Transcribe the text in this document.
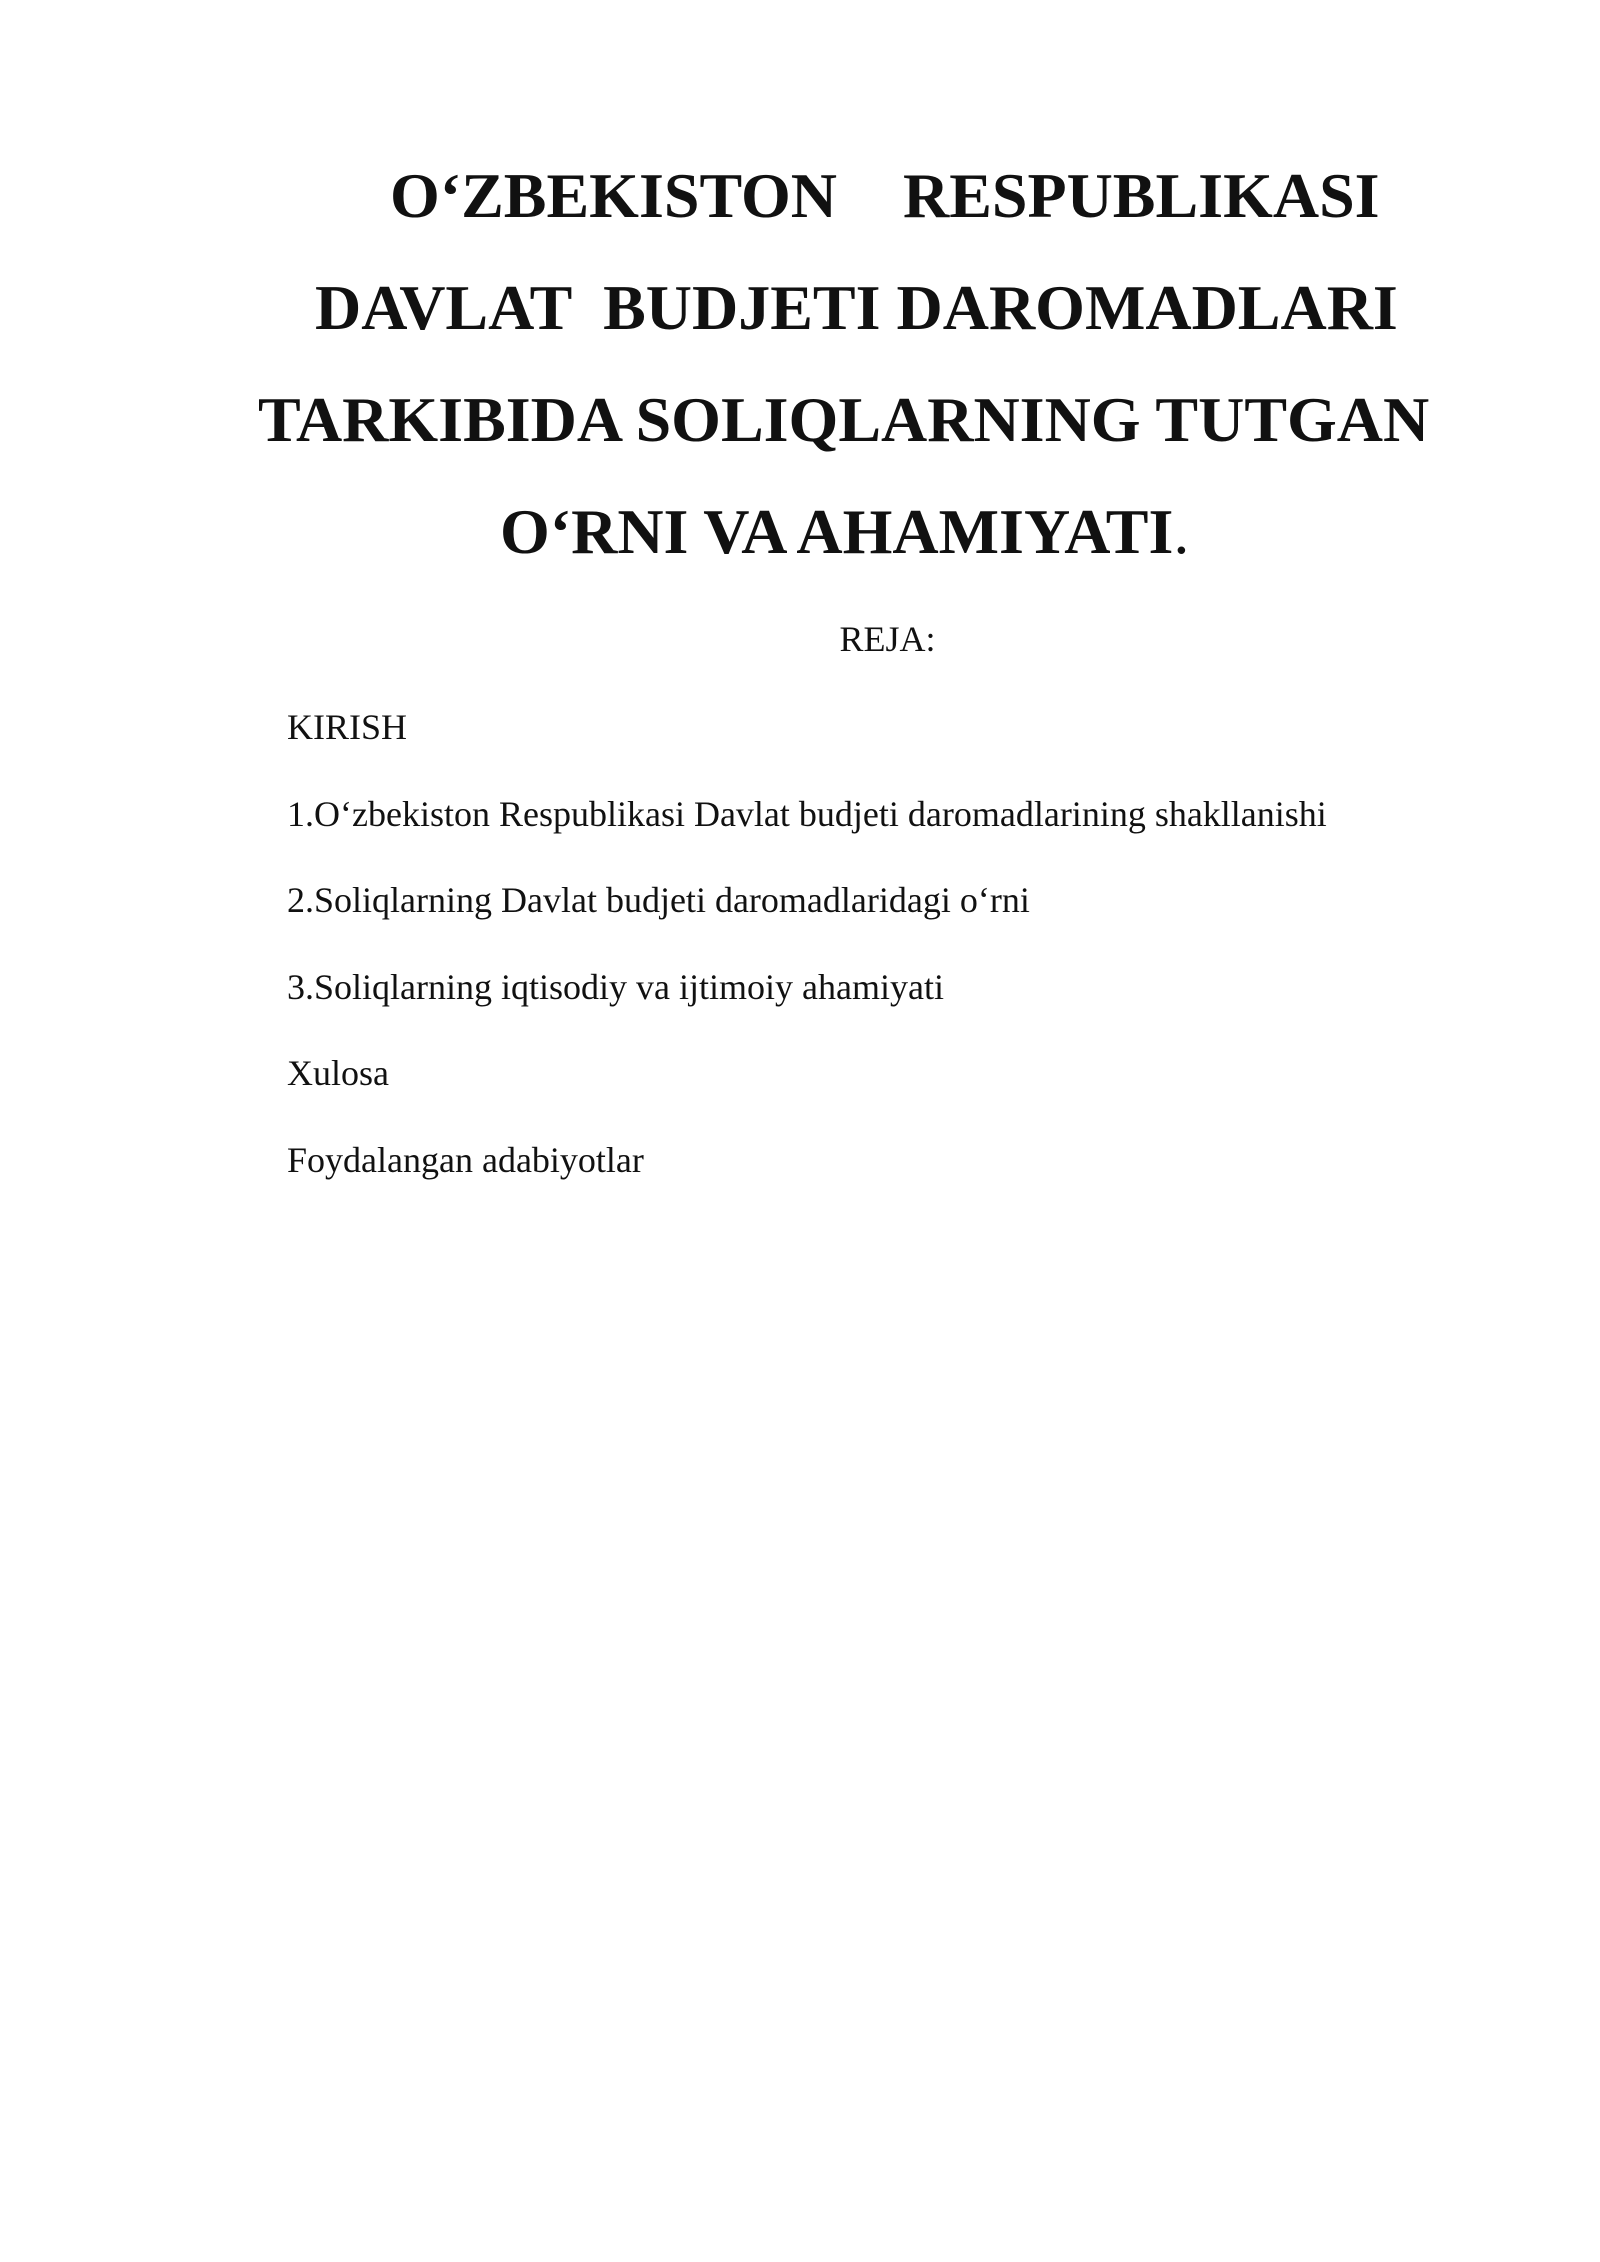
O‘ZBEKISTON RESPUBLIKASI
DAVLAT  BUDJETI DAROMADLARI
TARKIBIDA SOLIQLARNING TUTGAN
O‘RNI VA AHAMIYATI.
REJA:
KIRISH
1.O‘zbekiston Respublikasi Davlat budjeti daromadlarining shakllanishi
2.Soliqlarning Davlat budjeti daromadlaridagi o‘rni
3.Soliqlarning iqtisodiy va ijtimoiy ahamiyati
Xulosa
Foydalangan adabiyotlar
